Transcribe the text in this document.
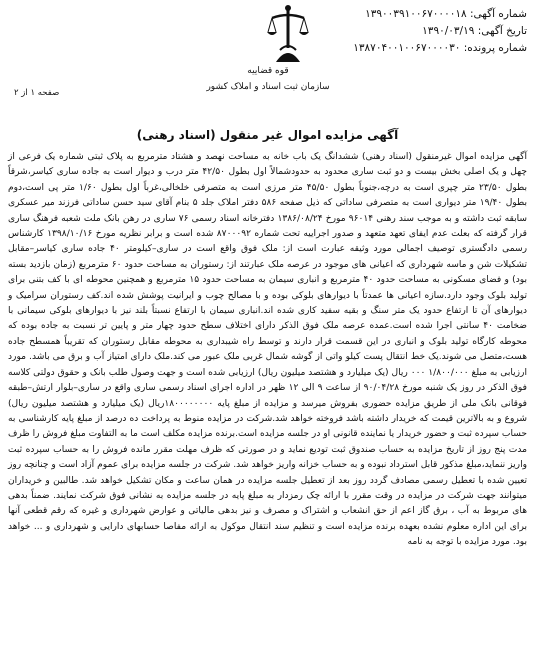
شماره آگهی: ۱۳۹۰۰۳۹۱۰۰۶۷۰۰۰۰۱۸
تاریخ آگهی: ۱۳۹۰/۰۳/۱۹
شماره پرونده: ۱۳۸۷۰۴۰۰۱۰۰۶۷۰۰۰۰۳۰
قوه قضاییه
سازمان ثبت اسناد و املاک کشور
صفحه ۱ از ۲
آگهی مزایده اموال غیر منقول (اسناد رهنی)

آگهی مزایده اموال غیرمنقول (اسناد رهنی) ششدانگ یک باب خانه به مساحت نهصد و هشتاد مترمربع به پلاک ثبتی شماره یک فرعی از چهل و یک اصلی بخش بیست و دو ثبت ساری محدود به حدودشمالاً اول بطول ۴۲/۵۰ متر درب و دیوار است به جاده ساری کیاسر،شرقاً بطول ۲۳/۵۰ متر چپری است به درچه،جنوباً بطول ۴۵/۵۰ متر مرزی است به متصرفی خلخالی،غرباً اول بطول ۱/۶۰ متر پی است،دوم بطول ۱۹/۴۰ متر دیواری است به متصرفی ساداتی که ذیل صفحه ۵۸۶ دفتر املاک جلد ۵ بنام آقای سید حسن ساداتی فرزند میر عسکری سابقه ثبت داشته و به موجب سند رهنی ۹۶۰۱۴ مورخ ۱۳۸۶/۰۸/۲۴ دفترخانه اسناد رسمی ۷۶ ساری در رهن بانک ملت شعبه فرهنگ ساری قرار گرفته که بعلت عدم ایفای تعهد متعهد و صدور اجراییه تحت شماره ۸۷۰۰۰۹۲ شده است و برابر نظریه مورخ ۱۳۹۸/۱۰/۱۶ کارشناس رسمی دادگستری توصیف اجمالی مورد وثیقه عبارت است از: ملک فوق واقع است در ساری–کیلومتر ۴۰ جاده ساری کیاسر–مقابل تشکیلات شن و ماسه شهرداری که اعیانی های موجود در عرصه ملک عبارتند از: رستوران به مساحت حدود ۶۰ مترمربع (زمان بازدید بسته بود) و فضای مسکونی به مساحت حدود ۴۰ مترمربع و انباری سیمان به مساحت حدود ۱۵ مترمربع و همچنین محوطه ای با کف بتنی برای تولید بلوک وجود دارد.سازه اعیانی ها عمدتاً با دیوارهای بلوکی بوده و با مصالح چوب و ایرانیت پوشش شده اند.کف رستوران سرامیک و دیوارهای آن تا ارتفاع حدود یک متر سنگ و بقیه سفید کاری شده اند.انباری سیمان با ارتفاع نسبتاً بلند نیز با دیوارهای بلوکی سیمانی با ضخامت ۴۰ سانتی اجرا شده است.عمده عرصه ملک فوق الذکر دارای اختلاف سطح حدود چهار متر و پایین تر نسبت به جاده بوده که محوطه کارگاه تولید بلوک و انباری در این قسمت قرار دارند و توسط راه شیبداری به محوطه مقابل رستوران که تقریباً همسطح جاده هست،متصل می شوند.یک خط انتقال پست کیلو واتی از گوشه شمال غربی ملک عبور می کند.ملک دارای امتیاز آب و برق می باشد. مورد ارزیابی به مبلغ ۱/۸۰۰/۰۰۰ ۰۰۰ ریال (یک میلیارد و هشتصد میلیون ریال) ارزیابی شده است و جهت وصول طلب بانک و حقوق دولتی کلاسه فوق الذکر در روز یک شنبه مورخ ۹۰/۰۴/۲۸ از ساعت ۹ الی ۱۲ ظهر در اداره اجرای اسناد رسمی ساری واقع در ساری–بلوار ارتش–طبقه فوقانی بانک ملی از طریق مزایده حضوری بفروش میرسد و مزایده از مبلغ پایه ۱۸۰۰۰۰۰۰۰۰ریال (یک میلیارد و هشتصد میلیون ریال) شروع و به بالاترین قیمت که خریدار داشته باشد فروخته خواهد شد.شرکت در مزایده منوط به پرداخت ده درصد از مبلغ پایه کارشناسی به حساب سپرده ثبت و حضور خریدار یا نماینده قانونی او در جلسه مزایده است.برنده مزایده مکلف است ما به التفاوت مبلغ فروش را ظرف مدت پنج روز از تاریخ مزایده به حساب صندوق ثبت تودیع نماید و در صورتی که ظرف مهلت مقرر مانده فروش را به حساب سپرده ثبت واریز ننماید،مبلغ مذکور قابل استرداد نبوده و به حساب خزانه واریز خواهد شد. شرکت در جلسه مزایده برای عموم آزاد است و چنانچه روز تعیین شده با تعطیل رسمی مصادف گردد روز بعد از تعطیل جلسه مزایده در همان ساعت و مکان تشکیل خواهد شد. طالبین و خریداران میتوانند جهت شرکت در مزایده در وقت مقرر با ارائه چک رمزدار به مبلغ پایه در جلسه مزایده به نشانی فوق شرکت نمایند. ضمناً بدهی های مربوط به آب ، برق گاز اعم از حق انشعاب و اشتراک و مصرف و نیز بدهی مالیاتی و عوارض شهرداری و غیره که رقم قطعی آنها برای این اداره معلوم نشده بعهده برنده مزایده است و تنظیم سند انتقال موکول به ارائه مفاصا حسابهای دارایی و شهرداری و ... خواهد بود. مورد مزایده با توجه به نامه
